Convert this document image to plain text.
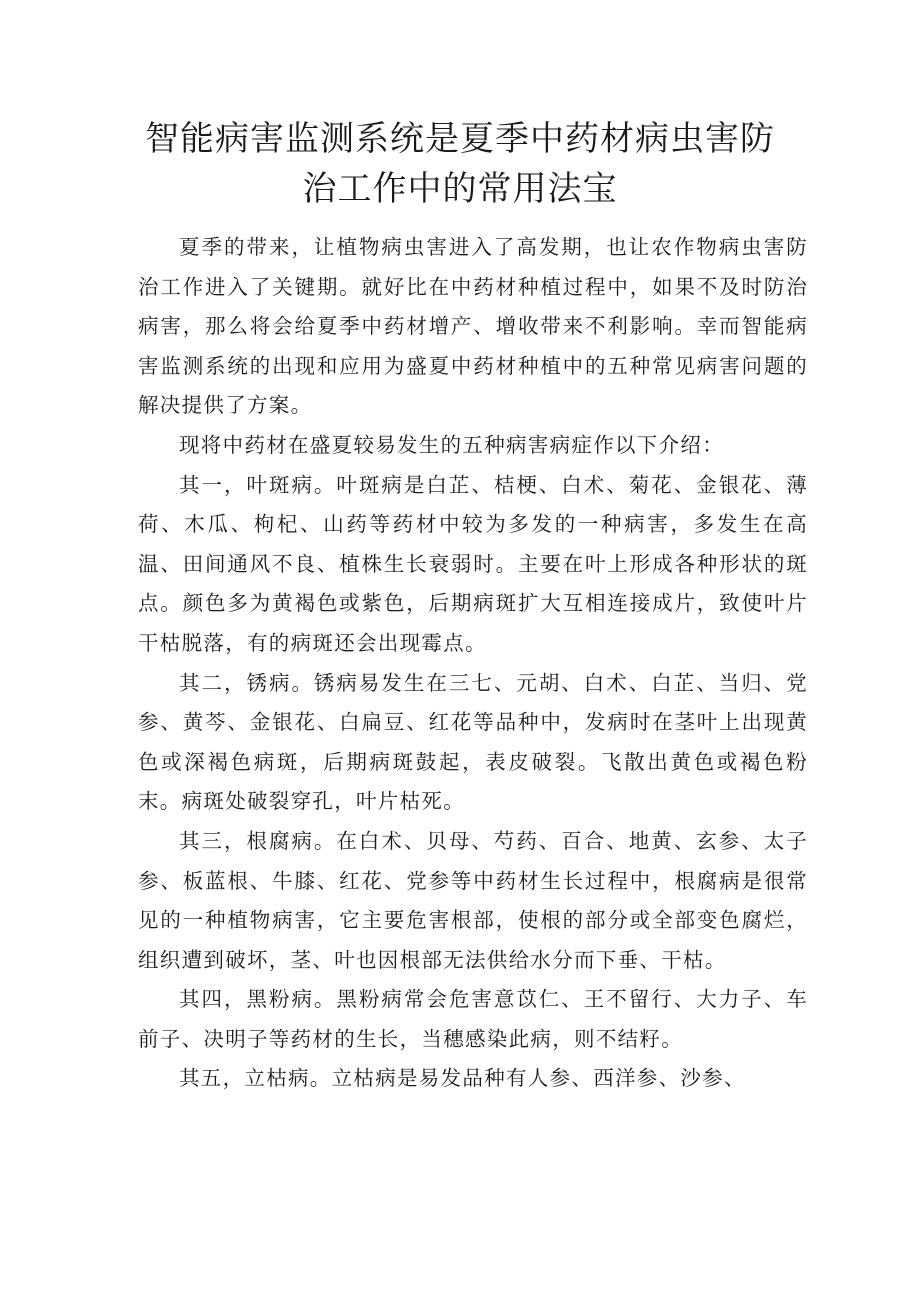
智能病害监测系统是夏季中药材病虫害防
治工作中的常用法宝

夏季的带来，让植物病虫害进入了高发期，也让农作物病虫害防治工作进入了关键期。就好比在中药材种植过程中，如果不及时防治病害，那么将会给夏季中药材增产、增收带来不利影响。幸而智能病害监测系统的出现和应用为盛夏中药材种植中的五种常见病害问题的解决提供了方案。

现将中药材在盛夏较易发生的五种病害病症作以下介绍：

其一，叶斑病。叶斑病是白芷、桔梗、白术、菊花、金银花、薄荷、木瓜、枸杞、山药等药材中较为多发的一种病害，多发生在高温、田间通风不良、植株生长衰弱时。主要在叶上形成各种形状的斑点。颜色多为黄褐色或紫色，后期病斑扩大互相连接成片，致使叶片干枯脱落，有的病斑还会出现霉点。

其二，锈病。锈病易发生在三七、元胡、白术、白芷、当归、党参、黄芩、金银花、白扁豆、红花等品种中，发病时在茎叶上出现黄色或深褐色病斑，后期病斑鼓起，表皮破裂。飞散出黄色或褐色粉末。病斑处破裂穿孔，叶片枯死。

其三，根腐病。在白术、贝母、芍药、百合、地黄、玄参、太子参、板蓝根、牛膝、红花、党参等中药材生长过程中，根腐病是很常见的一种植物病害，它主要危害根部，使根的部分或全部变色腐烂，组织遭到破坏，茎、叶也因根部无法供给水分而下垂、干枯。

其四，黑粉病。黑粉病常会危害意苡仁、王不留行、大力子、车前子、决明子等药材的生长，当穗感染此病，则不结籽。

其五，立枯病。立枯病是易发品种有人参、西洋参、沙参、
